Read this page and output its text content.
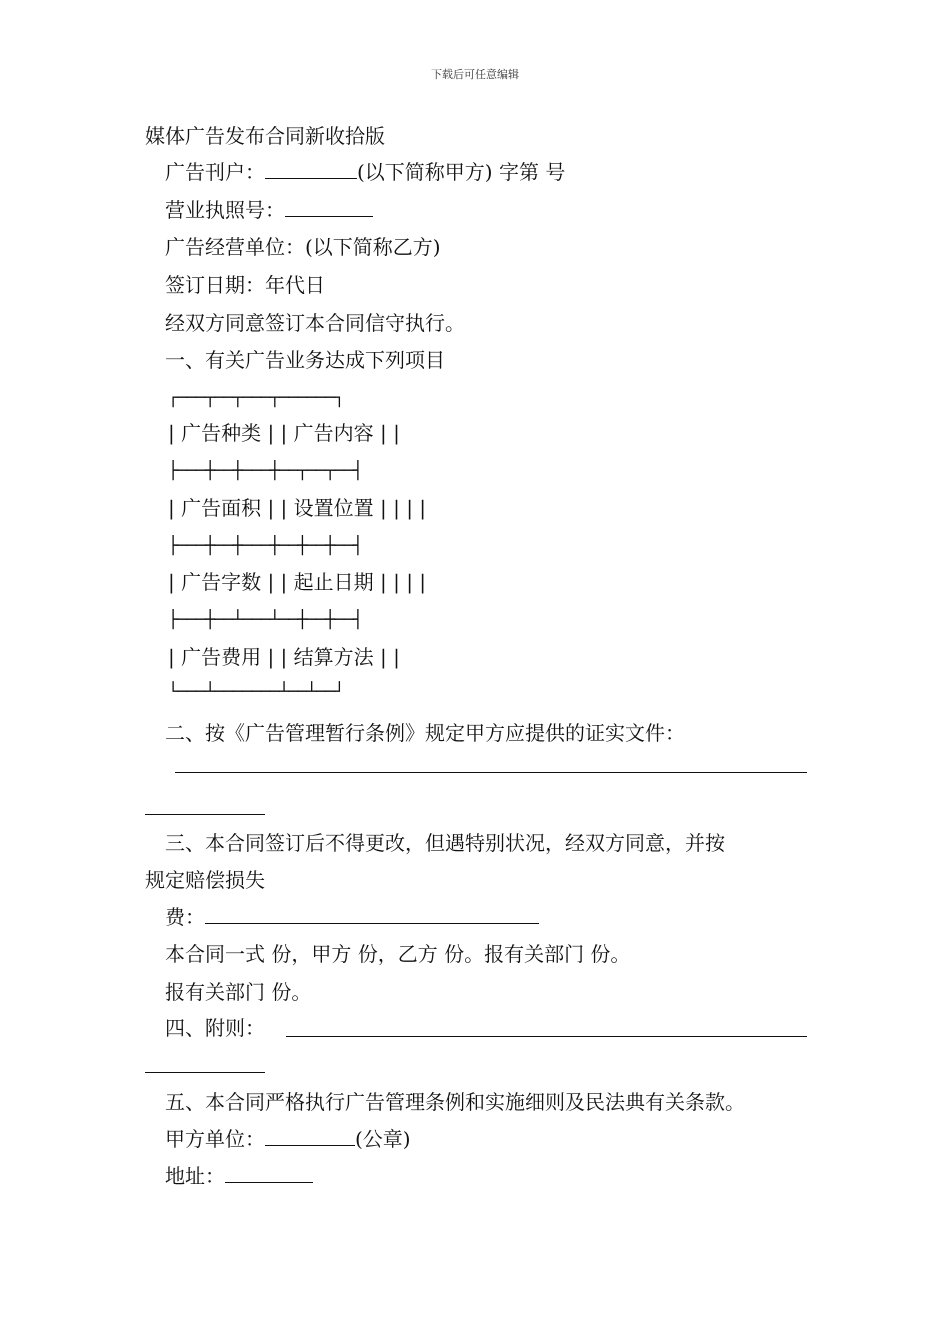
下载后可任意编辑
媒体广告发布合同新收拾版
广告刊户：	(以下简称甲方) 字第 号
营业执照号：
广告经营单位：(以下简称乙方)
签订日期：年代日
经双方同意签订本合同信守执行。
一、有关广告业务达成下列项目
┌───┬──┬───┬──────┐
| 广告种类 | | 广告内容 | |
├───┼──┼───┼──┬──┬──┤
| 广告面积 | | 设置位置 | | | |
├───┼──┼───┼──┼──┼──┤
| 广告字数 | | 起止日期 | | | |
├───┼──┴───┴──┼──┼──┤
| 广告费用 | | 结算方法 | |
└───┴───────┴──┴──┘
二、按《广告管理暂行条例》规定甲方应提供的证实文件：
三、本合同签订后不得更改，但遇特别状况，经双方同意，并按
规定赔偿损失
费：
本合同一式 份，甲方 份，乙方 份。报有关部门 份。
报有关部门 份。
四、附则：
五、本合同严格执行广告管理条例和实施细则及民法典有关条款。
甲方单位：	(公章)
地址：
